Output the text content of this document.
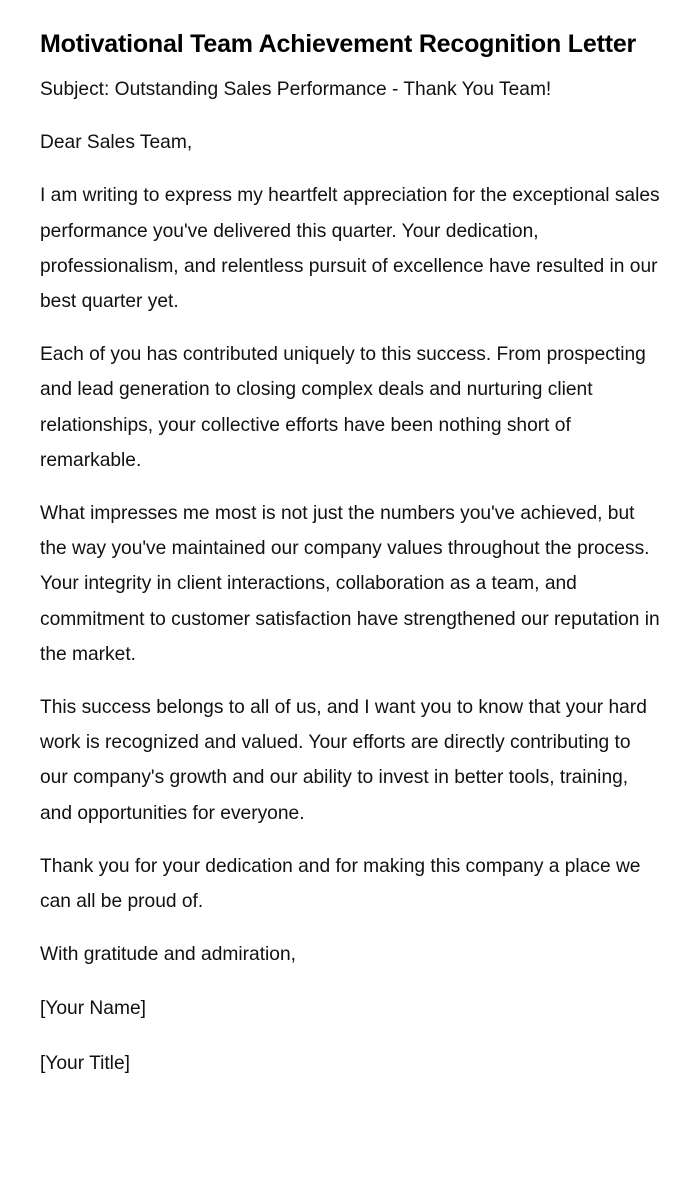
Motivational Team Achievement Recognition Letter

Subject: Outstanding Sales Performance - Thank You Team!

Dear Sales Team,

I am writing to express my heartfelt appreciation for the exceptional sales performance you've delivered this quarter. Your dedication, professionalism, and relentless pursuit of excellence have resulted in our best quarter yet.

Each of you has contributed uniquely to this success. From prospecting and lead generation to closing complex deals and nurturing client relationships, your collective efforts have been nothing short of remarkable.

What impresses me most is not just the numbers you've achieved, but the way you've maintained our company values throughout the process. Your integrity in client interactions, collaboration as a team, and commitment to customer satisfaction have strengthened our reputation in the market.

This success belongs to all of us, and I want you to know that your hard work is recognized and valued. Your efforts are directly contributing to our company's growth and our ability to invest in better tools, training, and opportunities for everyone.

Thank you for your dedication and for making this company a place we can all be proud of.

With gratitude and admiration,

[Your Name]

[Your Title]
